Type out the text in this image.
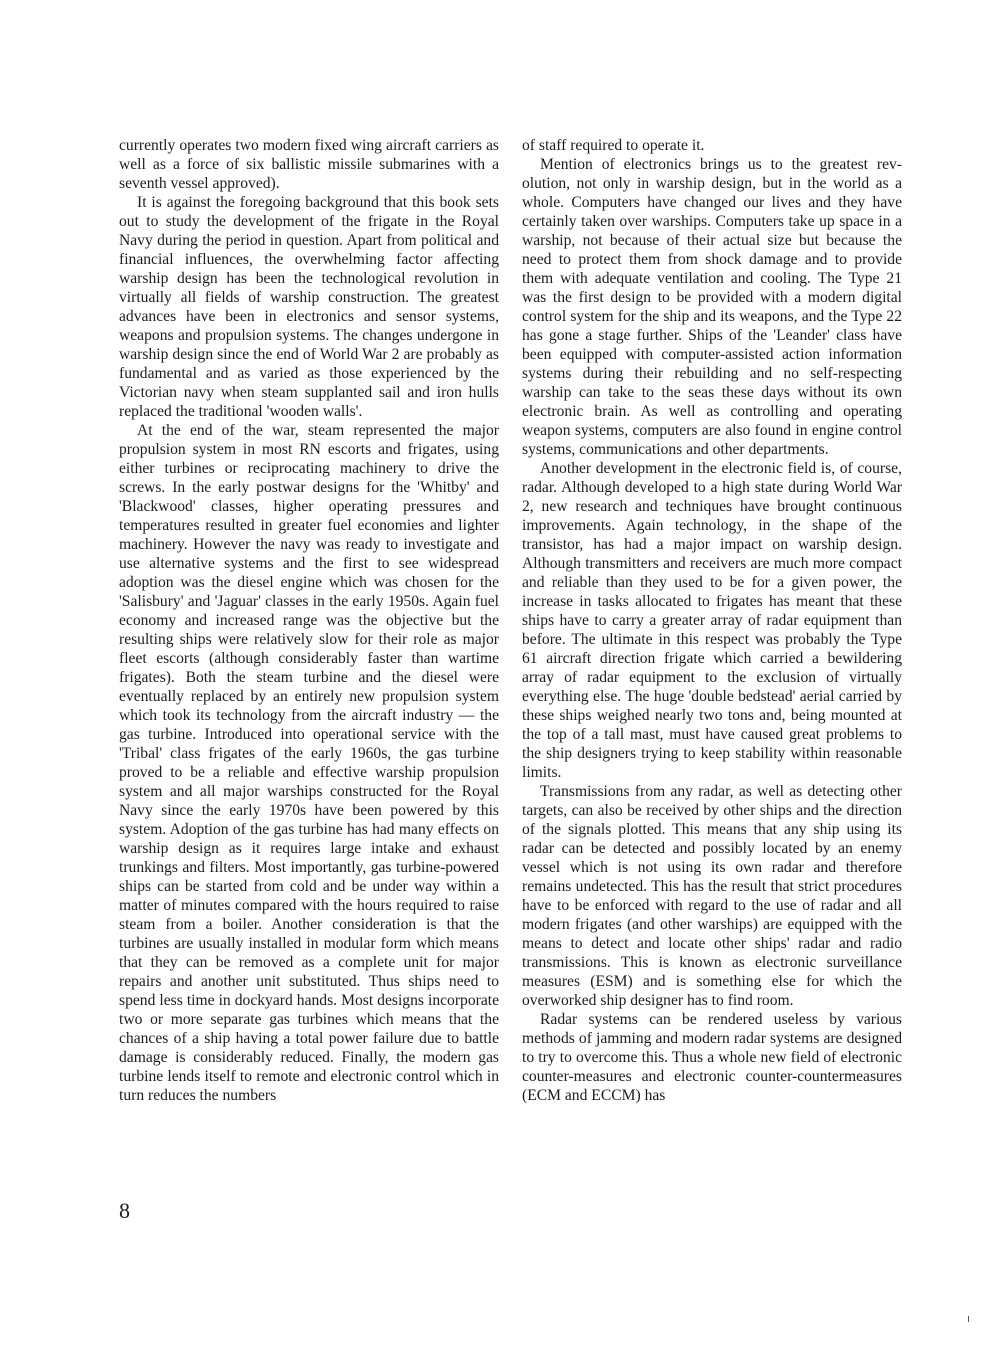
currently operates two modern fixed wing aircraft carriers as well as a force of six ballistic missile submarines with a seventh vessel approved).

It is against the foregoing background that this book sets out to study the development of the frigate in the Royal Navy during the period in question. Apart from political and financial influences, the overwhelming factor affecting warship design has been the technological revolution in virtually all fields of warship construction. The greatest advances have been in electronics and sensor systems, weapons and propulsion systems. The changes undergone in warship design since the end of World War 2 are probably as fundamental and as varied as those experienced by the Victorian navy when steam supplanted sail and iron hulls replaced the traditional 'wooden walls'.

At the end of the war, steam represented the major propulsion system in most RN escorts and frigates, using either turbines or reciprocating machinery to drive the screws. In the early postwar designs for the 'Whitby' and 'Blackwood' classes, higher operating pressures and temperatures resulted in greater fuel economies and lighter machinery. However the navy was ready to investigate and use alternative systems and the first to see widespread adoption was the diesel engine which was chosen for the 'Salisbury' and 'Jaguar' classes in the early 1950s. Again fuel economy and increased range was the objective but the resulting ships were relatively slow for their role as major fleet escorts (although considerably faster than wartime frigates). Both the steam turbine and the diesel were eventually replaced by an entirely new propulsion system which took its technology from the aircraft industry — the gas turbine. Introduced into operational service with the 'Tribal' class frigates of the early 1960s, the gas turbine proved to be a reliable and effective warship propulsion system and all major warships constructed for the Royal Navy since the early 1970s have been powered by this system. Adoption of the gas turbine has had many effects on warship design as it requires large intake and exhaust trunkings and filters. Most importantly, gas turbine-powered ships can be started from cold and be under way within a matter of minutes compared with the hours required to raise steam from a boiler. Another consideration is that the turbines are usually installed in modular form which means that they can be removed as a complete unit for major repairs and another unit substituted. Thus ships need to spend less time in dockyard hands. Most designs incorporate two or more separate gas turbines which means that the chances of a ship having a total power failure due to battle damage is considerably reduced. Finally, the modern gas turbine lends itself to remote and electronic control which in turn reduces the numbers

of staff required to operate it.

Mention of electronics brings us to the greatest revolution, not only in warship design, but in the world as a whole. Computers have changed our lives and they have certainly taken over warships. Computers take up space in a warship, not because of their actual size but because the need to protect them from shock damage and to provide them with adequate ventilation and cooling. The Type 21 was the first design to be provided with a modern digital control system for the ship and its weapons, and the Type 22 has gone a stage further. Ships of the 'Leander' class have been equipped with computer-assisted action information systems during their rebuilding and no self-respecting warship can take to the seas these days without its own electronic brain. As well as controlling and operating weapon systems, computers are also found in engine control systems, communications and other departments.

Another development in the electronic field is, of course, radar. Although developed to a high state during World War 2, new research and techniques have brought continuous improvements. Again technology, in the shape of the transistor, has had a major impact on warship design. Although transmitters and receivers are much more compact and reliable than they used to be for a given power, the increase in tasks allocated to frigates has meant that these ships have to carry a greater array of radar equipment than before. The ultimate in this respect was probably the Type 61 aircraft direction frigate which carried a bewildering array of radar equipment to the exclusion of virtually everything else. The huge 'double bedstead' aerial carried by these ships weighed nearly two tons and, being mounted at the top of a tall mast, must have caused great problems to the ship designers trying to keep stability within reasonable limits.

Transmissions from any radar, as well as detecting other targets, can also be received by other ships and the direction of the signals plotted. This means that any ship using its radar can be detected and possibly located by an enemy vessel which is not using its own radar and therefore remains undetected. This has the result that strict procedures have to be enforced with regard to the use of radar and all modern frigates (and other warships) are equipped with the means to detect and locate other ships' radar and radio transmissions. This is known as electronic surveillance measures (ESM) and is something else for which the overworked ship designer has to find room.

Radar systems can be rendered useless by various methods of jamming and modern radar systems are designed to try to overcome this. Thus a whole new field of electronic counter-measures and electronic counter-countermeasures (ECM and ECCM) has

8
